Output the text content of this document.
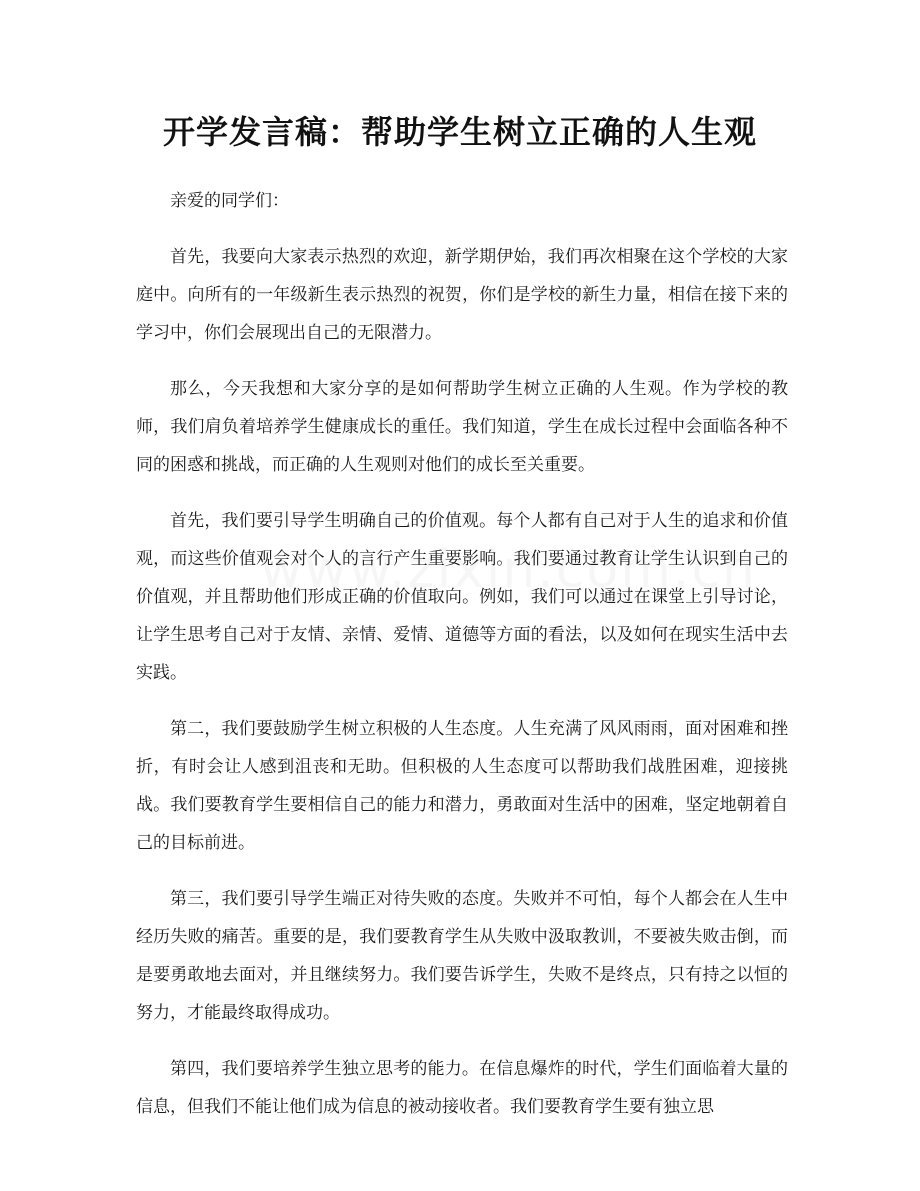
开学发言稿：帮助学生树立正确的人生观

亲爱的同学们：

首先，我要向大家表示热烈的欢迎，新学期伊始，我们再次相聚在这个学校的大家庭中。向所有的一年级新生表示热烈的祝贺，你们是学校的新生力量，相信在接下来的学习中，你们会展现出自己的无限潜力。

那么，今天我想和大家分享的是如何帮助学生树立正确的人生观。作为学校的教师，我们肩负着培养学生健康成长的重任。我们知道，学生在成长过程中会面临各种不同的困惑和挑战，而正确的人生观则对他们的成长至关重要。

首先，我们要引导学生明确自己的价值观。每个人都有自己对于人生的追求和价值观，而这些价值观会对个人的言行产生重要影响。我们要通过教育让学生认识到自己的价值观，并且帮助他们形成正确的价值取向。例如，我们可以通过在课堂上引导讨论，让学生思考自己对于友情、亲情、爱情、道德等方面的看法，以及如何在现实生活中去实践。

第二，我们要鼓励学生树立积极的人生态度。人生充满了风风雨雨，面对困难和挫折，有时会让人感到沮丧和无助。但积极的人生态度可以帮助我们战胜困难，迎接挑战。我们要教育学生要相信自己的能力和潜力，勇敢面对生活中的困难，坚定地朝着自己的目标前进。

第三，我们要引导学生端正对待失败的态度。失败并不可怕，每个人都会在人生中经历失败的痛苦。重要的是，我们要教育学生从失败中汲取教训，不要被失败击倒，而是要勇敢地去面对，并且继续努力。我们要告诉学生，失败不是终点，只有持之以恒的努力，才能最终取得成功。

第四，我们要培养学生独立思考的能力。在信息爆炸的时代，学生们面临着大量的信息，但我们不能让他们成为信息的被动接收者。我们要教育学生要有独立思
